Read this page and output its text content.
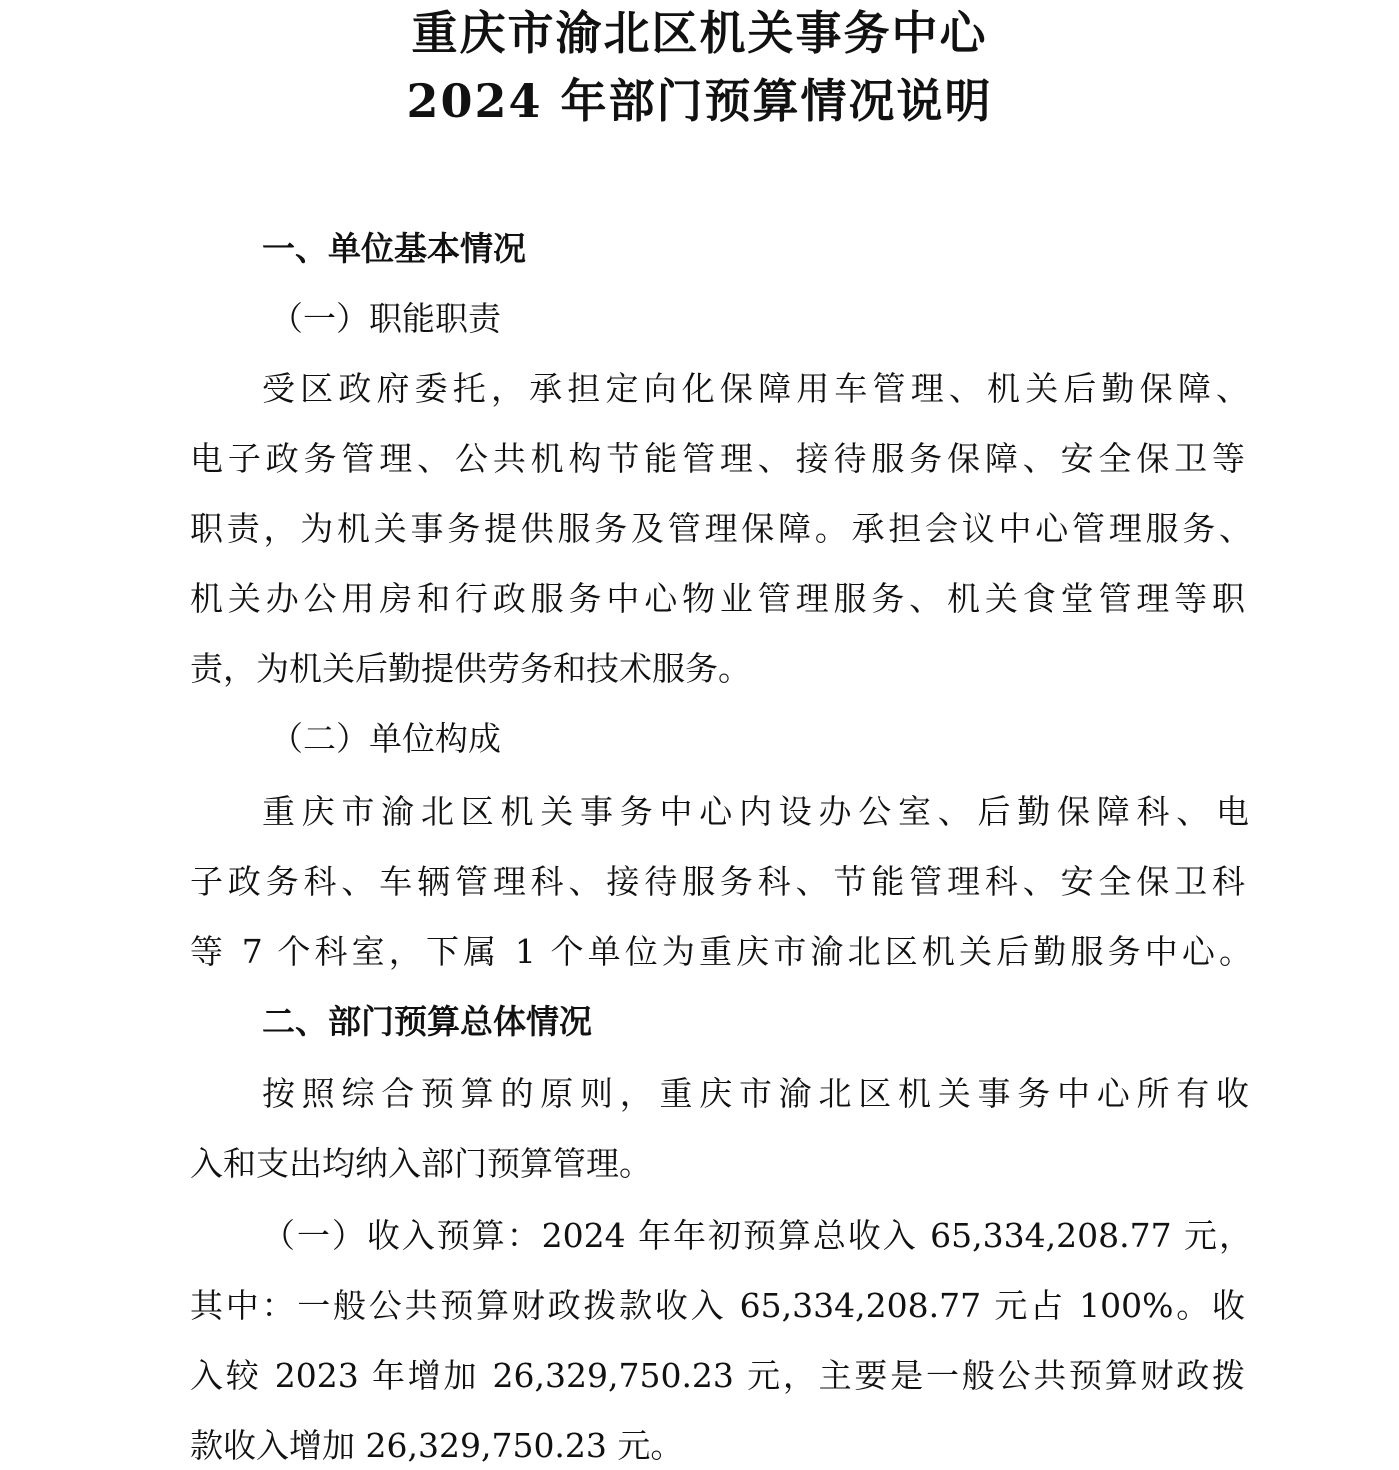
重庆市渝北区机关事务中心
2024 年部门预算情况说明
一、单位基本情况
（一）职能职责
受区政府委托，承担定向化保障用车管理、机关后勤保障、
电子政务管理、公共机构节能管理、接待服务保障、安全保卫等
职责，为机关事务提供服务及管理保障。承担会议中心管理服务、
机关办公用房和行政服务中心物业管理服务、机关食堂管理等职
责，为机关后勤提供劳务和技术服务。
（二）单位构成
重庆市渝北区机关事务中心内设办公室、后勤保障科、电
子政务科、车辆管理科、接待服务科、节能管理科、安全保卫科
等 7 个科室，下属 1 个单位为重庆市渝北区机关后勤服务中心。
二、部门预算总体情况
按照综合预算的原则，重庆市渝北区机关事务中心所有收
入和支出均纳入部门预算管理。
（一）收入预算：2024 年年初预算总收入 65,334,208.77 元，
其中：一般公共预算财政拨款收入 65,334,208.77 元占 100%。收
入较 2023 年增加 26,329,750.23 元，主要是一般公共预算财政拨
款收入增加 26,329,750.23 元。
